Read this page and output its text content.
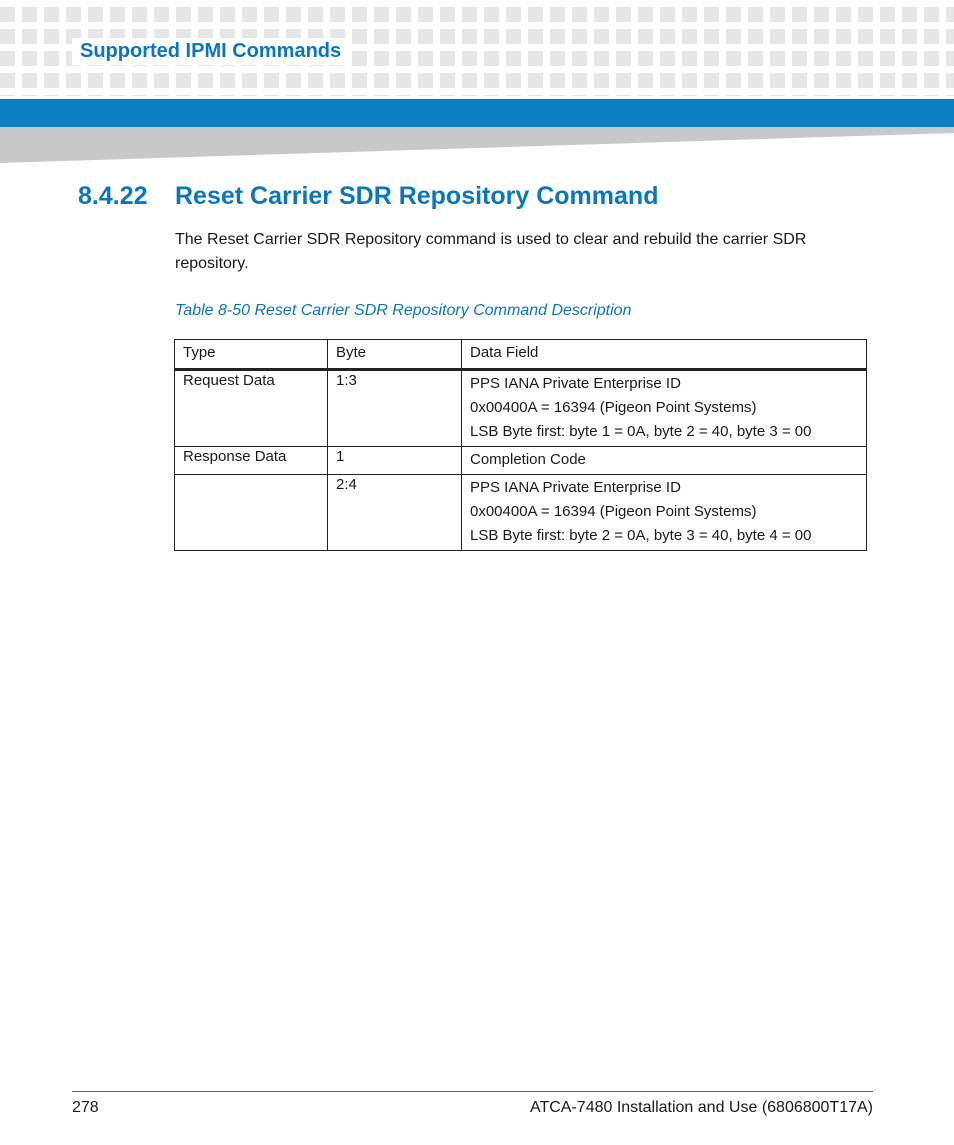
Supported IPMI Commands
8.4.22 Reset Carrier SDR Repository Command

The Reset Carrier SDR Repository command is used to clear and rebuild the carrier SDR repository.

Table 8-50 Reset Carrier SDR Repository Command Description

Type	Byte	Data Field
Request Data	1:3	PPS IANA Private Enterprise ID
0x00400A = 16394 (Pigeon Point Systems)
LSB Byte first: byte 1 = 0A, byte 2 = 40, byte 3 = 00

Response Data	1	Completion Code

	2:4	PPS IANA Private Enterprise ID
0x00400A = 16394 (Pigeon Point Systems)
LSB Byte first: byte 2 = 0A, byte 3 = 40, byte 4 = 00
278	ATCA-7480 Installation and Use (6806800T17A)
